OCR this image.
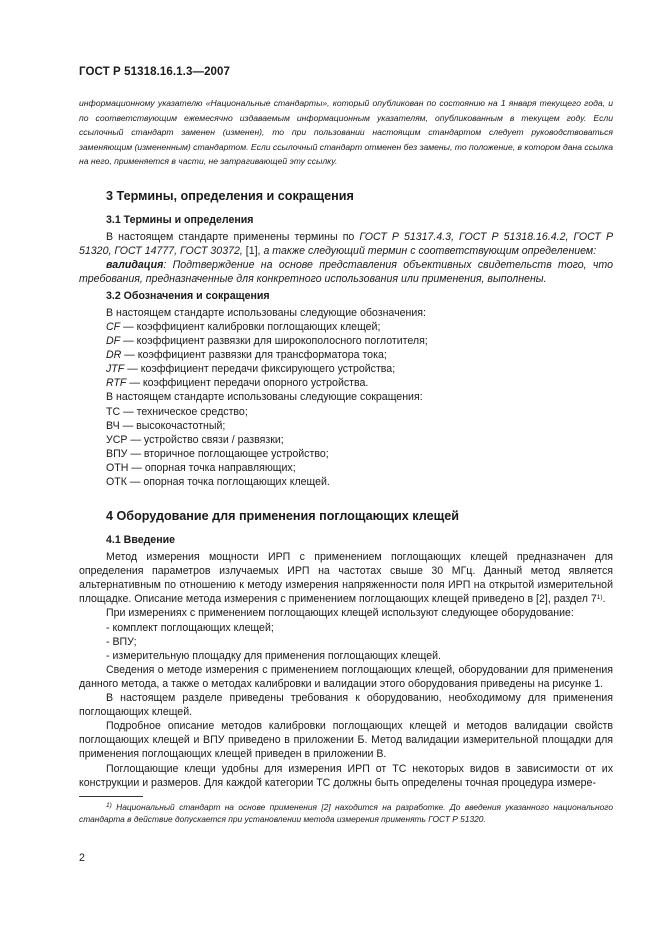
ГОСТ Р 51318.16.1.3—2007

информационному указателю «Национальные стандарты», который опубликован по состоянию на 1 января текущего года, и по соответствующим ежемесячно издаваемым информационным указателям, опубликованным в текущем году. Если ссылочный стандарт заменен (изменен), то при пользовании настоящим стандартом следует руководствоваться заменяющим (измененным) стандартом. Если ссылочный стандарт отменен без замены, то положение, в котором дана ссылка на него, применяется в части, не затрагивающей эту ссылку.

3 Термины, определения и сокращения

3.1 Термины и определения

В настоящем стандарте применены термины по ГОСТ Р 51317.4.3, ГОСТ Р 51318.16.4.2, ГОСТ Р 51320, ГОСТ 14777, ГОСТ 30372, [1], а также следующий термин с соответствующим определением:

валидация: Подтверждение на основе представления объективных свидетельств того, что требования, предназначенные для конкретного использования или применения, выполнены.

3.2 Обозначения и сокращения

В настоящем стандарте использованы следующие обозначения:

CF — коэффициент калибровки поглощающих клещей;

DF — коэффициент развязки для широкополосного поглотителя;

DR — коэффициент развязки для трансформатора тока;

JTF — коэффициент передачи фиксирующего устройства;

RTF — коэффициент передачи опорного устройства.

В настоящем стандарте использованы следующие сокращения:

ТС — техническое средство;

ВЧ — высокочастотный;

УСР — устройство связи / развязки;

ВПУ — вторичное поглощающее устройство;

ОТН — опорная точка направляющих;

ОТК — опорная точка поглощающих клещей.

4 Оборудование для применения поглощающих клещей

4.1 Введение

Метод измерения мощности ИРП с применением поглощающих клещей предназначен для определения параметров излучаемых ИРП на частотах свыше 30 МГц. Данный метод является альтернативным по отношению к методу измерения напряженности поля ИРП на открытой измерительной площадке. Описание метода измерения с применением поглощающих клещей приведено в [2], раздел 7$^{1)}$.

При измерениях с применением поглощающих клещей используют следующее оборудование:

- комплект поглощающих клещей;

- ВПУ;

- измерительную площадку для применения поглощающих клещей.

Сведения о методе измерения с применением поглощающих клещей, оборудовании для применения данного метода, а также о методах калибровки и валидации этого оборудования приведены на рисунке 1.

В настоящем разделе приведены требования к оборудованию, необходимому для применения поглощающих клещей.

Подробное описание методов калибровки поглощающих клещей и методов валидации свойств поглощающих клещей и ВПУ приведено в приложении Б. Метод валидации измерительной площадки для применения поглощающих клещей приведен в приложении В.

Поглощающие клещи удобны для измерения ИРП от ТС некоторых видов в зависимости от их конструкции и размеров. Для каждой категории ТС должны быть определены точная процедура измере-

$^{1)}$ Национальный стандарт на основе применения [2] находится на разработке. До введения указанного национального стандарта в действие допускается при установлении метода измерения применять ГОСТ Р 51320.

2
